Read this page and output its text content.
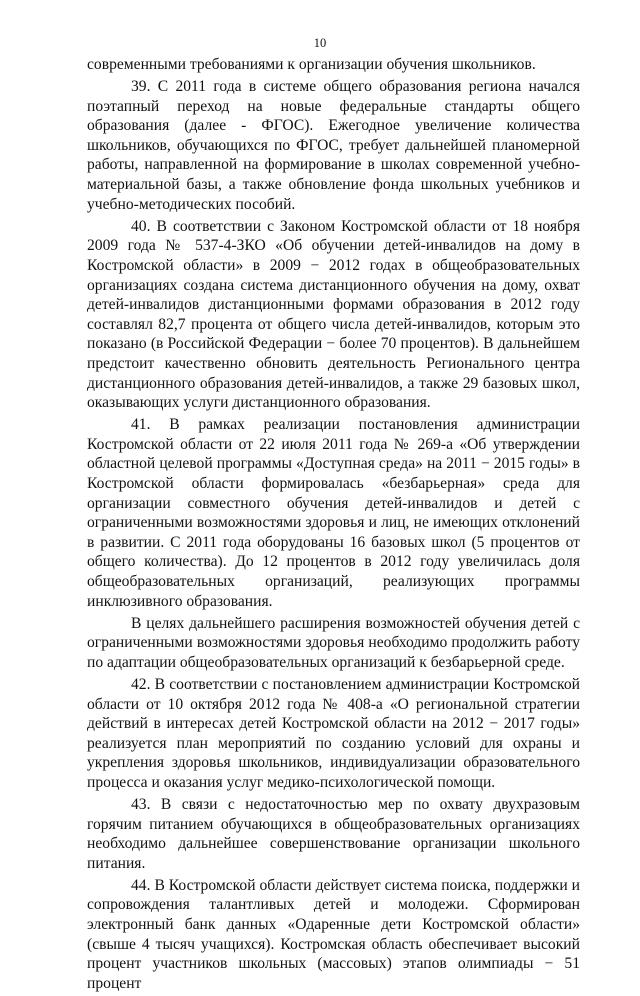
10

современными требованиями к организации обучения школьников.

39. С 2011 года в системе общего образования региона начался поэтапный переход на новые федеральные стандарты общего образования (далее - ФГОС). Ежегодное увеличение количества школьников, обучающихся по ФГОС, требует дальнейшей планомерной работы, направленной на формирование в школах современной учебно-материальной базы, а также обновление фонда школьных учебников и учебно-методических пособий.

40. В соответствии с Законом Костромской области от 18 ноября 2009 года № 537-4-ЗКО «Об обучении детей-инвалидов на дому в Костромской области» в 2009 − 2012 годах в общеобразовательных организациях создана система дистанционного обучения на дому, охват детей-инвалидов дистанционными формами образования в 2012 году составлял 82,7 процента от общего числа детей-инвалидов, которым это показано (в Российской Федерации − более 70 процентов). В дальнейшем предстоит качественно обновить деятельность Регионального центра дистанционного образования детей-инвалидов, а также 29 базовых школ, оказывающих услуги дистанционного образования.

41. В рамках реализации постановления администрации Костромской области от 22 июля 2011 года № 269-а «Об утверждении областной целевой программы «Доступная среда» на 2011 − 2015 годы» в Костромской области формировалась «безбарьерная» среда для организации совместного обучения детей-инвалидов и детей с ограниченными возможностями здоровья и лиц, не имеющих отклонений в развитии. С 2011 года оборудованы 16 базовых школ (5 процентов от общего количества). До 12 процентов в 2012 году увеличилась доля общеобразовательных организаций, реализующих программы инклюзивного образования.

В целях дальнейшего расширения возможностей обучения детей с ограниченными возможностями здоровья необходимо продолжить работу по адаптации общеобразовательных организаций к безбарьерной среде.

42. В соответствии с постановлением администрации Костромской области от 10 октября 2012 года № 408-а «О региональной стратегии действий в интересах детей Костромской области на 2012 − 2017 годы» реализуется план мероприятий по созданию условий для охраны и укрепления здоровья школьников, индивидуализации образовательного процесса и оказания услуг медико-психологической помощи.

43. В связи с недостаточностью мер по охвату двухразовым горячим питанием обучающихся в общеобразовательных организациях необходимо дальнейшее совершенствование организации школьного питания.

44. В Костромской области действует система поиска, поддержки и сопровождения талантливых детей и молодежи. Сформирован электронный банк данных «Одаренные дети Костромской области» (свыше 4 тысяч учащихся). Костромская область обеспечивает высокий процент участников школьных (массовых) этапов олимпиады − 51 процент
